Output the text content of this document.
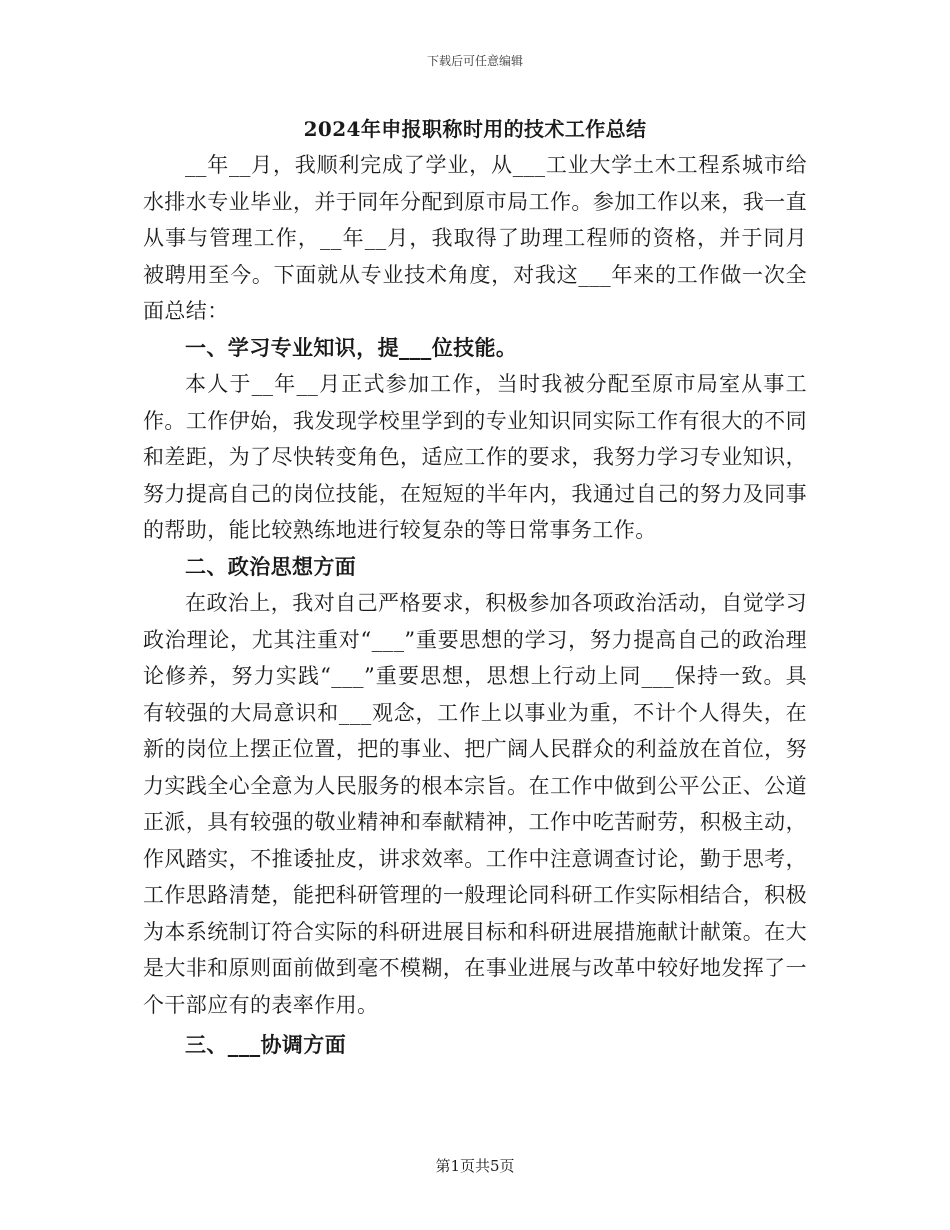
下载后可任意编辑
2024年申报职称时用的技术工作总结

__年__月，我顺利完成了学业，从___工业大学土木工程系城市给水排水专业毕业，并于同年分配到原市局工作。参加工作以来，我一直从事与管理工作，__年__月，我取得了助理工程师的资格，并于同月被聘用至今。下面就从专业技术角度，对我这___年来的工作做一次全面总结：

一、学习专业知识，提___位技能。

本人于__年__月正式参加工作，当时我被分配至原市局室从事工作。工作伊始，我发现学校里学到的专业知识同实际工作有很大的不同和差距，为了尽快转变角色，适应工作的要求，我努力学习专业知识，努力提高自己的岗位技能，在短短的半年内，我通过自己的努力及同事的帮助，能比较熟练地进行较复杂的等日常事务工作。

二、政治思想方面

在政治上，我对自己严格要求，积极参加各项政治活动，自觉学习政治理论，尤其注重对“___”重要思想的学习，努力提高自己的政治理论修养，努力实践“___”重要思想，思想上行动上同___保持一致。具有较强的大局意识和___观念，工作上以事业为重，不计个人得失，在新的岗位上摆正位置，把的事业、把广阔人民群众的利益放在首位，努力实践全心全意为人民服务的根本宗旨。在工作中做到公平公正、公道正派，具有较强的敬业精神和奉献精神，工作中吃苦耐劳，积极主动，作风踏实，不推诿扯皮，讲求效率。工作中注意调查讨论，勤于思考，工作思路清楚，能把科研管理的一般理论同科研工作实际相结合，积极为本系统制订符合实际的科研进展目标和科研进展措施献计献策。在大是大非和原则面前做到毫不模糊，在事业进展与改革中较好地发挥了一个干部应有的表率作用。

三、___协调方面

第1页共5页
